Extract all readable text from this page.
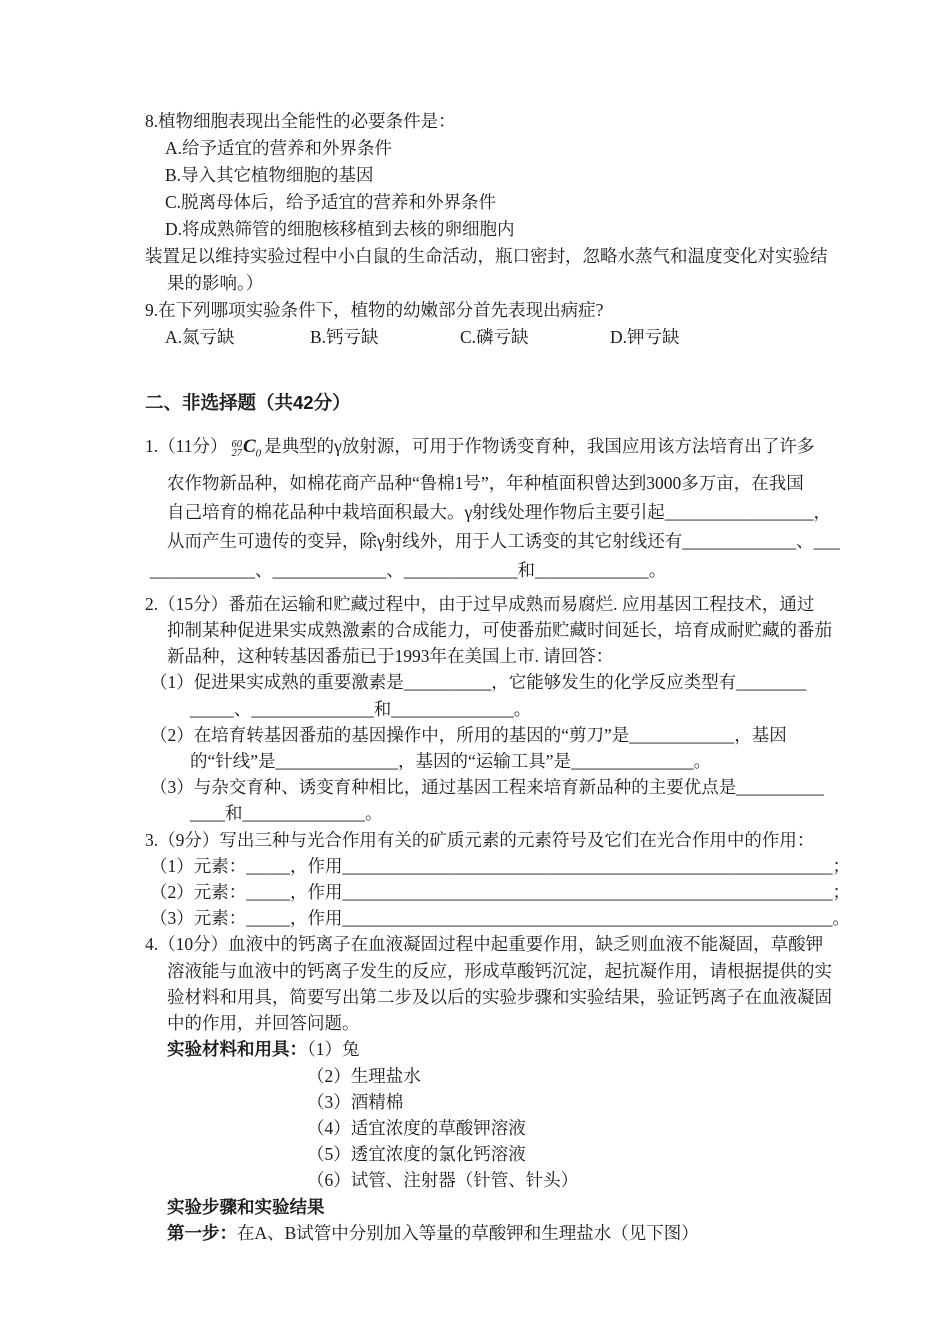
8.植物细胞表现出全能性的必要条件是：
A.给予适宜的营养和外界条件
B.导入其它植物细胞的基因
C.脱离母体后，给予适宜的营养和外界条件
D.将成熟筛管的细胞核移植到去核的卵细胞内
装置足以维持实验过程中小白鼠的生命活动，瓶口密封，忽略水蒸气和温度变化对实验结
果的影响。）
9.在下列哪项实验条件下，植物的幼嫩部分首先表现出病症?
A.氮亏缺	B.钙亏缺	C.磷亏缺	D.钾亏缺
二、非选择题（共42分）
1.（11分） 60
27 $C_0$ 是典型的γ放射源，可用于作物诱变育种，我国应用该方法培育出了许多
农作物新品种，如棉花商产品种“鲁棉1号”，年种植面积曾达到3000多万亩，在我国
自己培育的棉花品种中栽培面积最大。γ射线处理作物后主要引起_________________，
从而产生可遗传的变异，除γ射线外，用于人工诱变的其它射线还有_____________、___
____________、_____________、_____________和_____________。
2.（15分）番茄在运输和贮藏过程中，由于过早成熟而易腐烂. 应用基因工程技术，通过
抑制某种促进果实成熟激素的合成能力，可使番茄贮藏时间延长，培育成耐贮藏的番茄
新品种，这种转基因番茄已于1993年在美国上市. 请回答：
（1）促进果实成熟的重要激素是__________，它能够发生的化学反应类型有________
_____、______________和______________。
（2）在培育转基因番茄的基因操作中，所用的基因的“剪刀”是____________，基因
的“针线”是______________，基因的“运输工具”是______________。
（3）与杂交育种、诱变育种相比，通过基因工程来培育新品种的主要优点是__________
____和______________。
3.（9分）写出三种与光合作用有关的矿质元素的元素符号及它们在光合作用中的作用：
（1）元素：_____，作用________________________________________________________；
（2）元素：_____，作用________________________________________________________；
（3）元素：_____，作用________________________________________________________。
4.（10分）血液中的钙离子在血液凝固过程中起重要作用，缺乏则血液不能凝固，草酸钾
溶液能与血液中的钙离子发生的反应，形成草酸钙沉淀，起抗凝作用，请根据提供的实
验材料和用具，简要写出第二步及以后的实验步骤和实验结果，验证钙离子在血液凝固
中的作用，并回答问题。
实验材料和用具：（1）兔
（2）生理盐水
（3）酒精棉
（4）适宜浓度的草酸钾溶液
（5）透宜浓度的氯化钙溶液
（6）试管、注射器（针管、针头）
实验步骤和实验结果
第一步：在A、B试管中分别加入等量的草酸钾和生理盐水（见下图）
